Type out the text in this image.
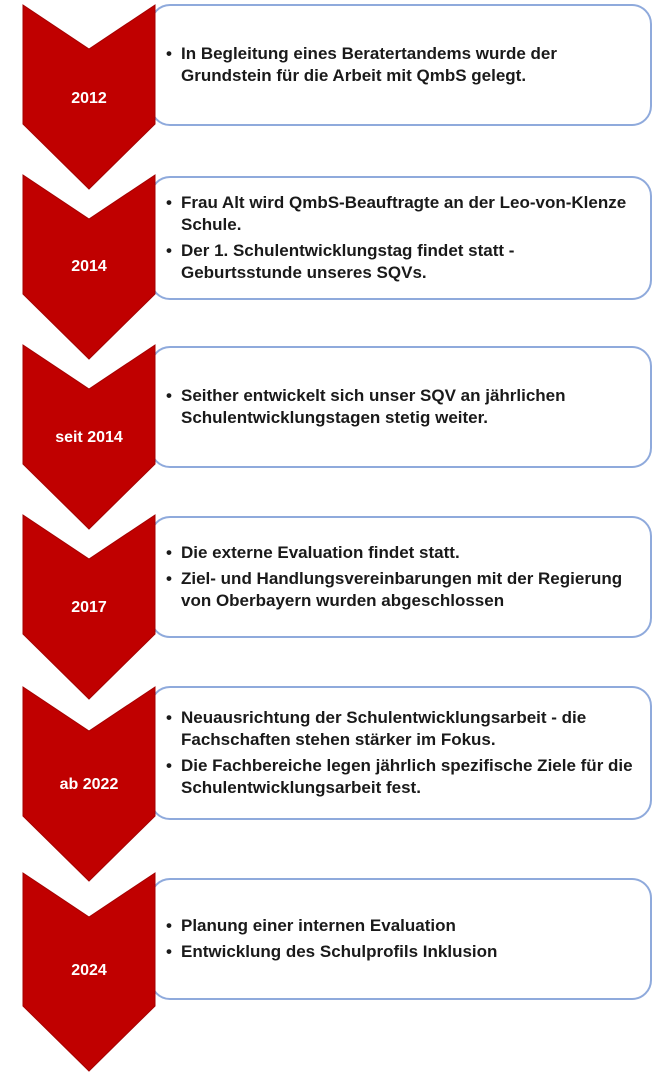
• In Begleitung eines Beratertandems wurde der Grundstein für die Arbeit mit QmbS gelegt.
2012
• Frau Alt wird QmbS-Beauftragte an der Leo-von-Klenze Schule.
• Der 1. Schulentwicklungstag findet statt - Geburtsstunde unseres SQVs.
2014
• Seither entwickelt sich unser SQV an jährlichen Schulentwicklungstagen stetig weiter.
seit 2014
• Die externe Evaluation findet statt.
• Ziel- und Handlungsvereinbarungen mit der Regierung von Oberbayern wurden abgeschlossen
2017
• Neuausrichtung der Schulentwicklungsarbeit - die Fachschaften stehen stärker im Fokus.
• Die Fachbereiche legen jährlich spezifische Ziele für die Schulentwicklungsarbeit fest.
ab 2022
• Planung einer internen Evaluation
• Entwicklung des Schulprofils Inklusion
2024
